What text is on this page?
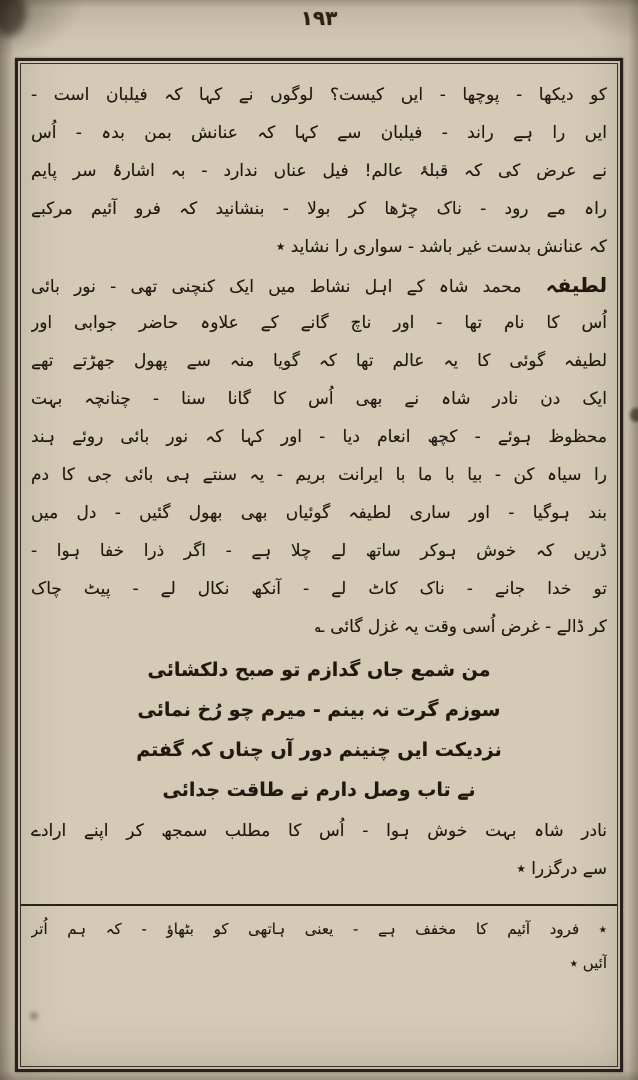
۱۹۳
کو دیکھا - پوچھا - ایں کیست؟ لوگوں نے کہا کہ فیلبان است -
ایں را ہے راند - فیلبان سے کہا کہ عنانش بمن بدہ - اُس
نے عرض کی کہ قبلۂ عالم! فیل عناں ندارد - بہ اشارۂ سر پایم
راہ مے رود - ناک چڑھا کر بولا - بنشانید کہ فرو آئیم مرکبے
کہ عنانش بدست غیر باشد - سواری را نشاید ٭
لطیفہ محمد شاہ کے اہل نشاط میں ایک کنچنی تھی - نور بائی
اُس کا نام تھا - اور ناچ گانے کے علاوہ حاضر جوابی اور
لطیفہ گوئی کا یہ عالم تھا کہ گویا منہ سے پھول جھڑتے تھے
ایک دن نادر شاہ نے بھی اُس کا گانا سنا - چنانچہ بہت
محظوظ ہوئے - کچھ انعام دیا - اور کہا کہ نور بائی روئے ہند
را سیاہ کن - بیا با ما با ایرانت بریم - یہ سنتے ہی بائی جی کا دم
بند ہوگیا - اور ساری لطیفہ گوئیاں بھی بھول گئیں - دل میں
ڈریں کہ خوش ہوکر ساتھ لے چلا ہے - اگر ذرا خفا ہوا -
تو خدا جانے - ناک کاٹ لے - آنکھ نکال لے - پیٹ چاک
کر ڈالے - غرض اُسی وقت یہ غزل گائی ؎
من شمع جاں گدازم تو صبح دلکشائی
سوزم گرت نہ بینم - میرم چو رُخ نمائی
نزدیکت ایں چنینم دور آں چناں کہ گفتم
نے تاب وصل دارم نے طاقت جدائی
نادر شاہ بہت خوش ہوا - اُس کا مطلب سمجھ کر اپنے ارادے
سے درگزرا ٭
٭ فرود آئیم کا مخفف ہے - یعنی ہاتھی کو بٹھاؤ - کہ ہم اُتر
آئیں ٭
